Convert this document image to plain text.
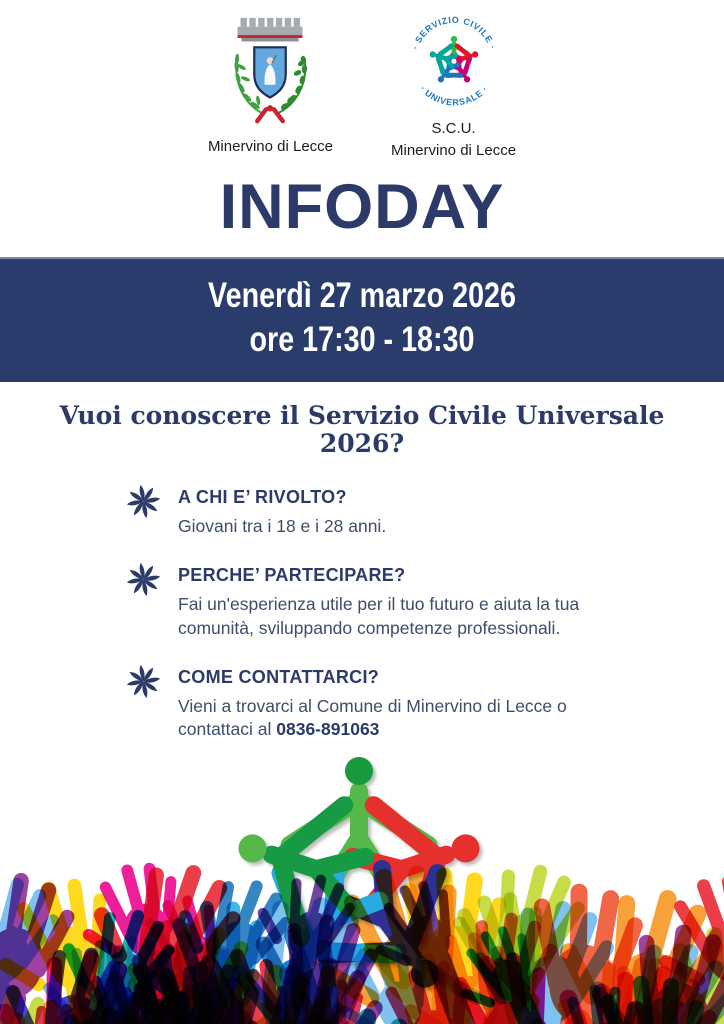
Minervino di Lecce
· SERVIZIO CIVILE ·
· UNIVERSALE ·
S.C.U.
Minervino di Lecce
INFODAY
Venerdì 27 marzo 2026
ore 17:30 - 18:30
Vuoi conoscere il Servizio Civile Universale 2026?
A CHI E’ RIVOLTO?

Giovani tra i 18 e i 28 anni.

PERCHE’ PARTECIPARE?

Fai un'esperienza utile per il tuo futuro e aiuta la tua comunità, sviluppando competenze professionali.

COME CONTATTARCI?

Vieni a trovarci al Comune di Minervino di Lecce o contattaci al 0836-891063
